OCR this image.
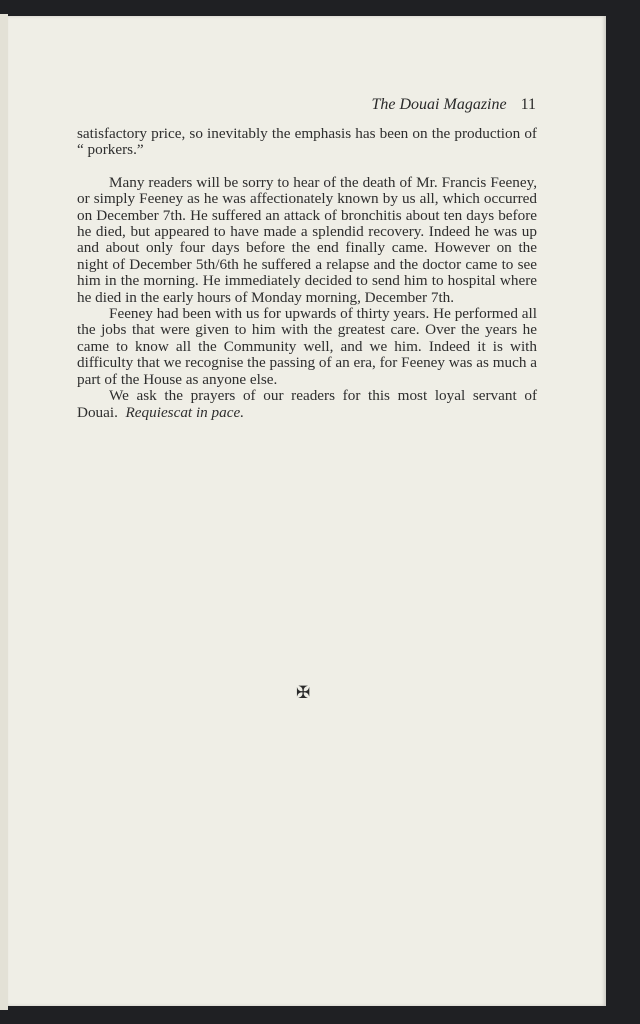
The Douai Magazine 11

satisfactory price, so inevitably the emphasis has been on the production of “ porkers.”

Many readers will be sorry to hear of the death of Mr. Francis Feeney, or simply Feeney as he was affectionately known by us all, which occurred on December 7th. He suffered an attack of bronchitis about ten days before he died, but appeared to have made a splendid recovery. Indeed he was up and about only four days before the end finally came. However on the night of December 5th/6th he suffered a relapse and the doctor came to see him in the morning. He immediately decided to send him to hospital where he died in the early hours of Monday morning, December 7th.

Feeney had been with us for upwards of thirty years. He performed all the jobs that were given to him with the greatest care. Over the years he came to know all the Community well, and we him. Indeed it is with difficulty that we recognise the passing of an era, for Feeney was as much a part of the House as anyone else.

We ask the prayers of our readers for this most loyal servant of Douai. Requiescat in pace.

✠
